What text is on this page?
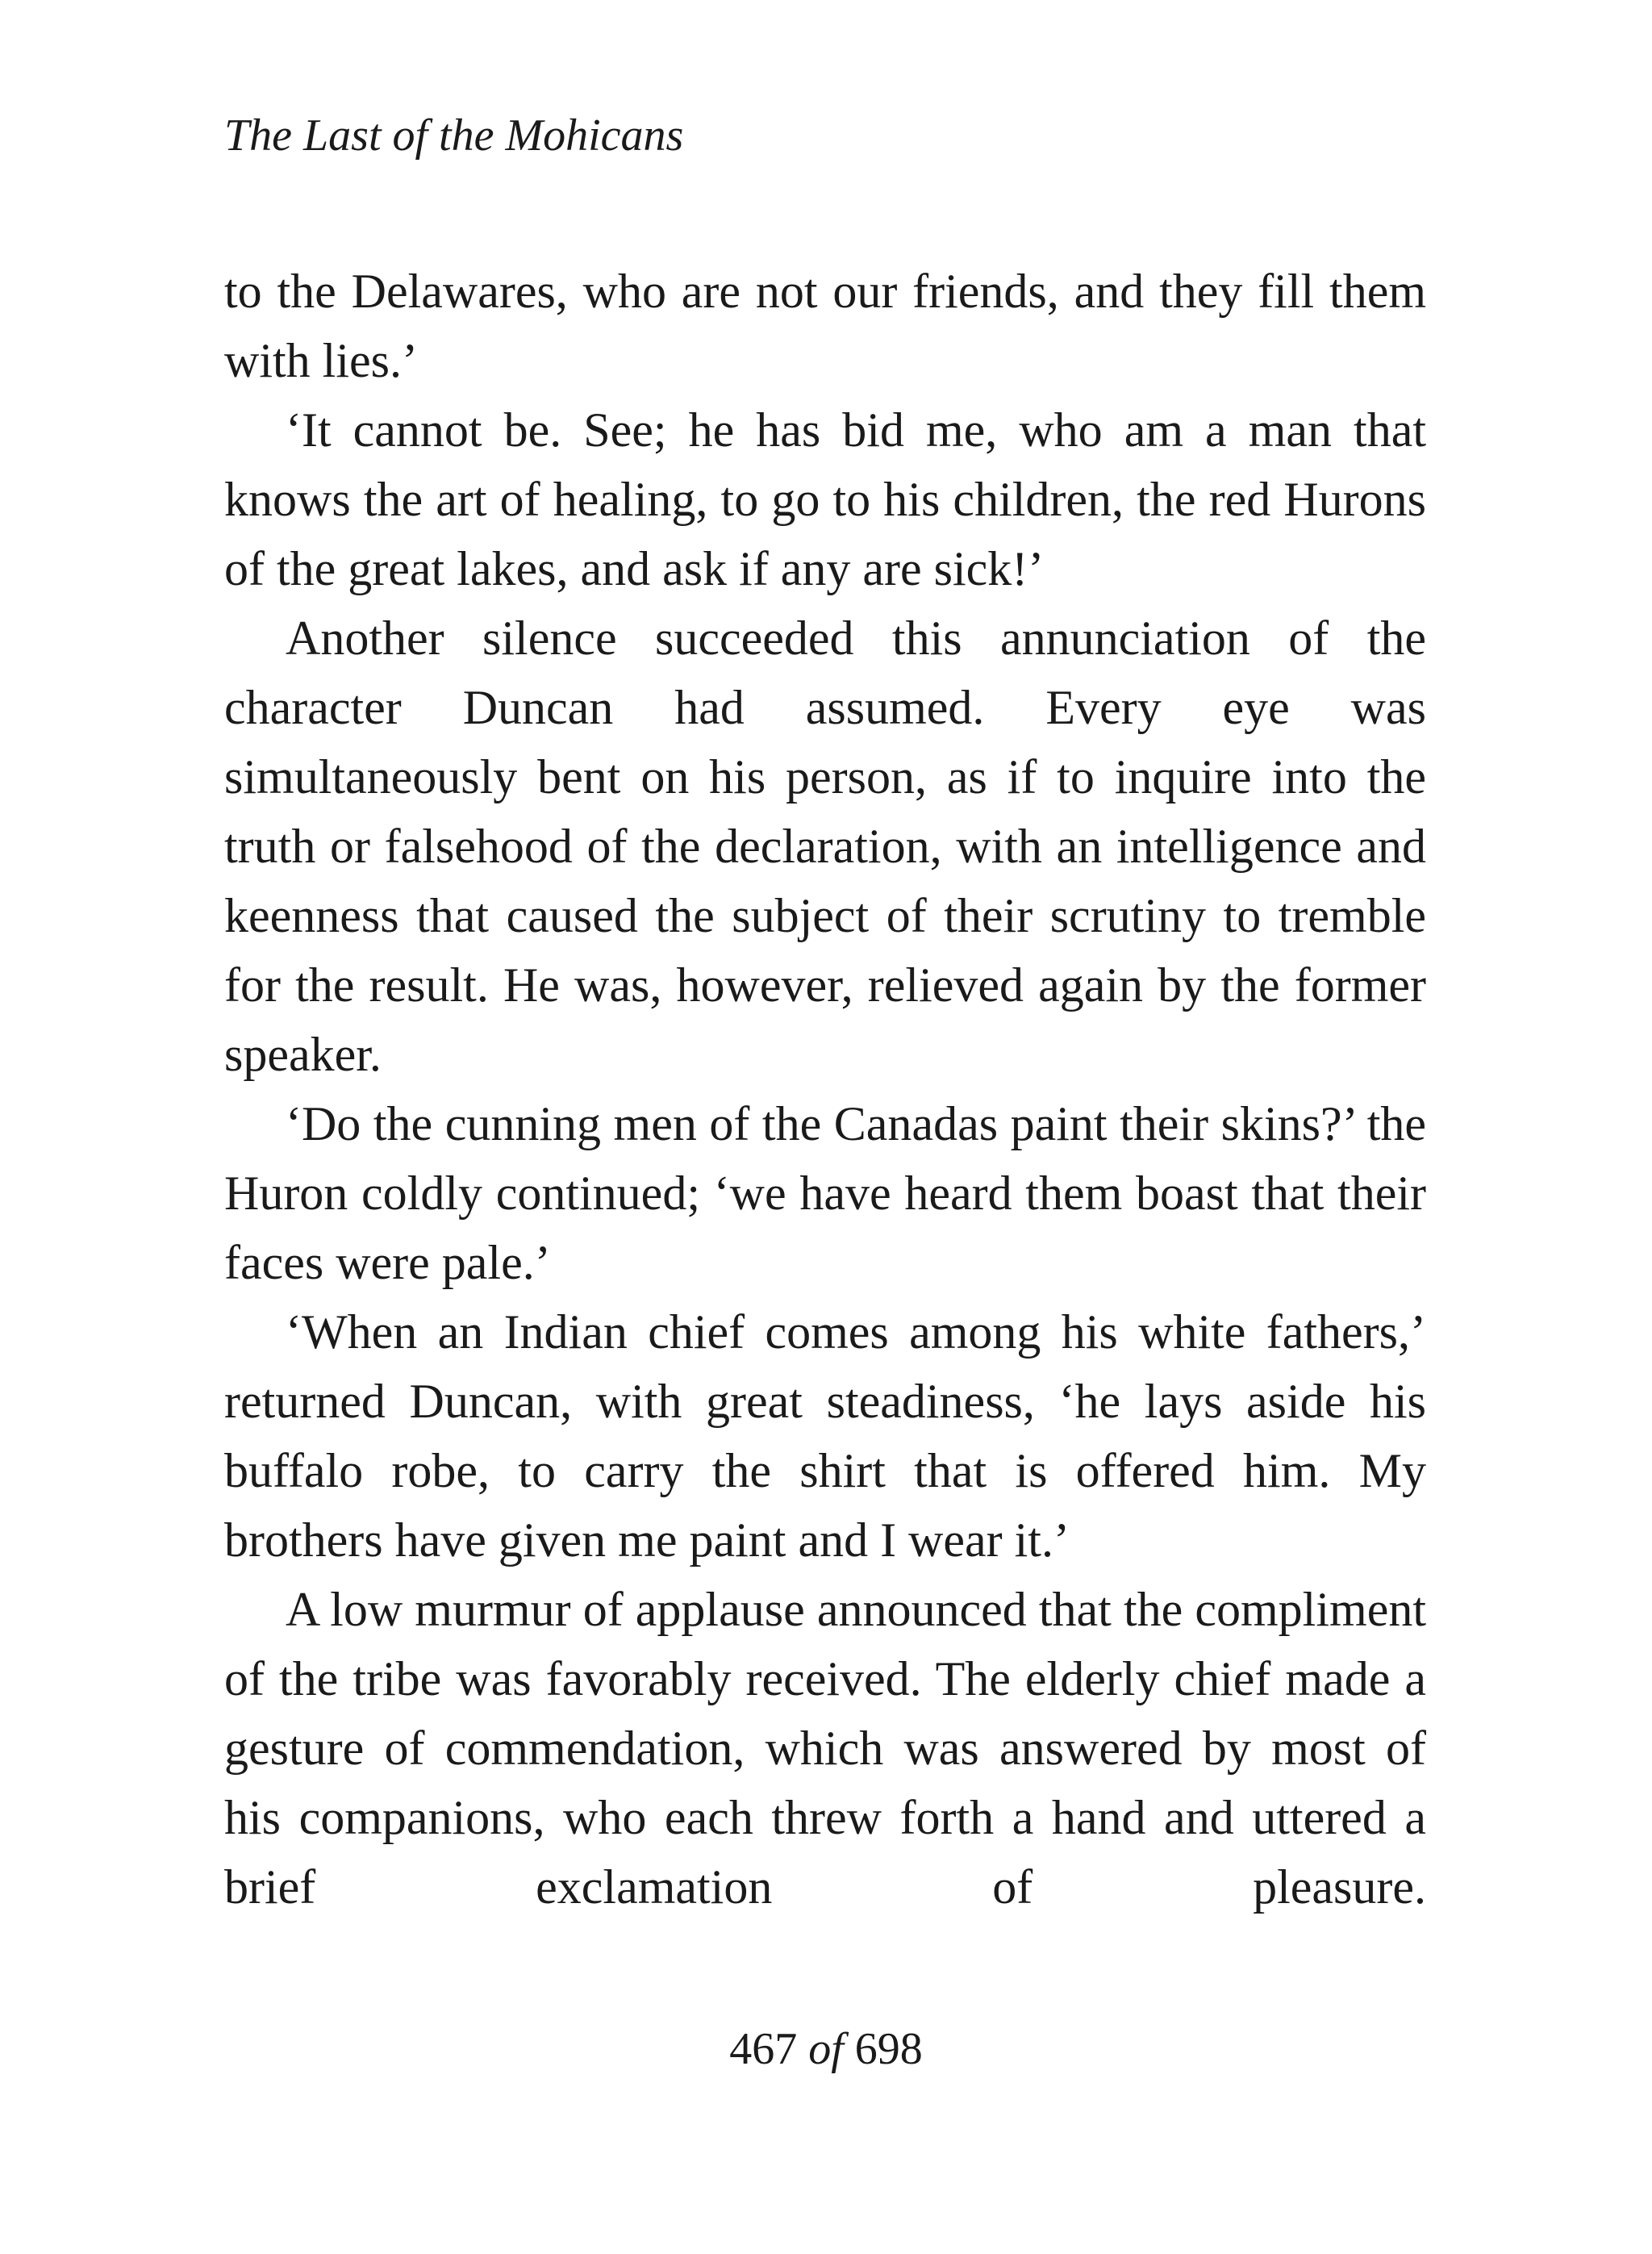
The Last of the Mohicans

to the Delawares, who are not our friends, and they fill them with lies.’

‘It cannot be. See; he has bid me, who am a man that knows the art of healing, to go to his children, the red Hurons of the great lakes, and ask if any are sick!’

Another silence succeeded this annunciation of the character Duncan had assumed. Every eye was simultaneously bent on his person, as if to inquire into the truth or falsehood of the declaration, with an intelligence and keenness that caused the subject of their scrutiny to tremble for the result. He was, however, relieved again by the former speaker.

‘Do the cunning men of the Canadas paint their skins?’ the Huron coldly continued; ‘we have heard them boast that their faces were pale.’

‘When an Indian chief comes among his white fathers,’ returned Duncan, with great steadiness, ‘he lays aside his buffalo robe, to carry the shirt that is offered him. My brothers have given me paint and I wear it.’

A low murmur of applause announced that the compliment of the tribe was favorably received. The elderly chief made a gesture of commendation, which was answered by most of his companions, who each threw forth a hand and uttered a brief exclamation of pleasure.

467 of 698
